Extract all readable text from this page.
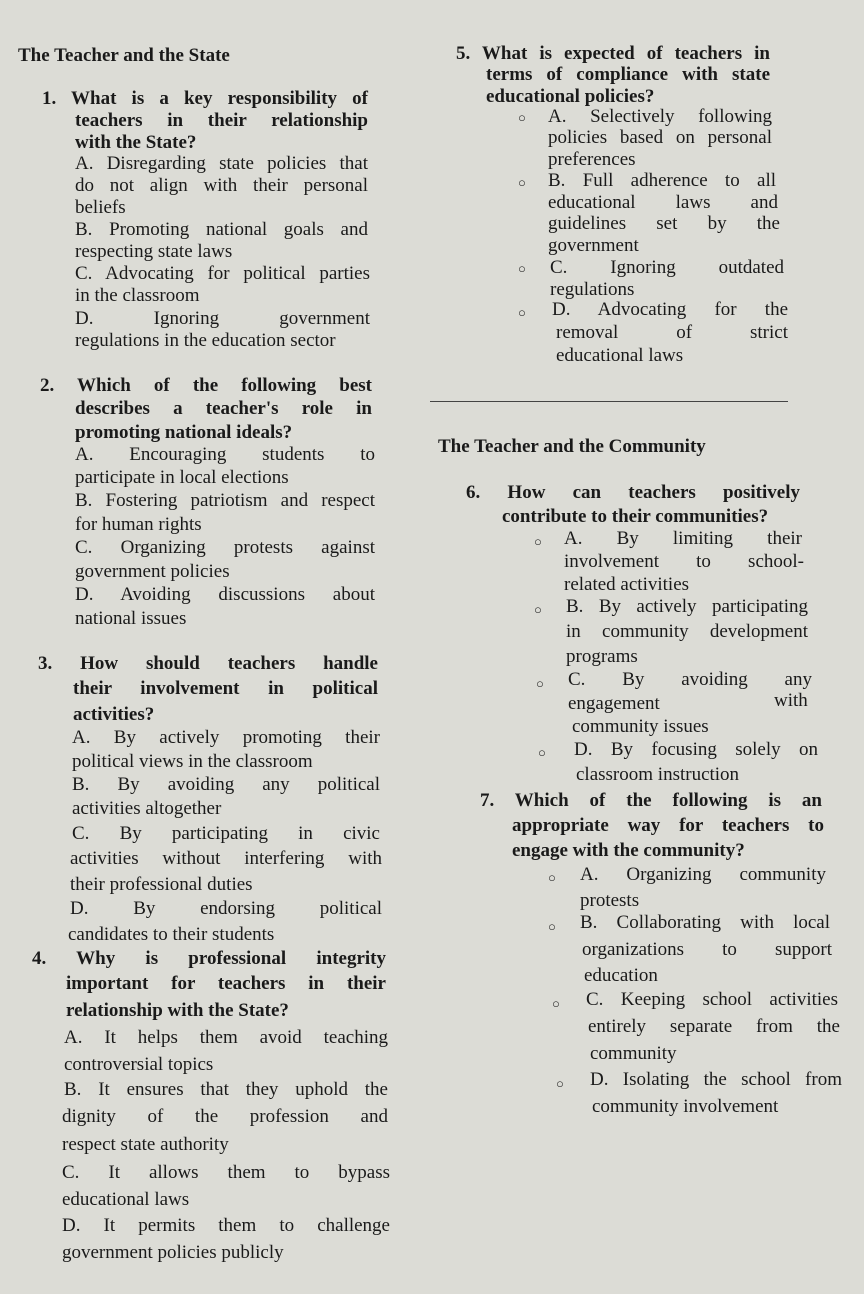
The Teacher and the State
1. What is a key responsibility of
teachers in their relationship
with the State?
A. Disregarding state policies that
do not align with their personal
beliefs
B. Promoting national goals and
respecting state laws
C. Advocating for political parties
in the classroom
D. Ignoring government
regulations in the education sector
2. Which of the following best
describes a teacher's role in
promoting national ideals?
A. Encouraging students to
participate in local elections
B. Fostering patriotism and respect
for human rights
C. Organizing protests against
government policies
D. Avoiding discussions about
national issues
3. How should teachers handle
their involvement in political
activities?
A. By actively promoting their
political views in the classroom
B. By avoiding any political
activities altogether
C. By participating in civic
activities without interfering with
their professional duties
D. By endorsing political
candidates to their students
4. Why is professional integrity
important for teachers in their
relationship with the State?
A. It helps them avoid teaching
controversial topics
B. It ensures that they uphold the
dignity of the profession and
respect state authority
C. It allows them to bypass
educational laws
D. It permits them to challenge
government policies publicly
5. What is expected of teachers in
terms of compliance with state
educational policies?
○ A. Selectively following
policies based on personal
preferences
○ B. Full adherence to all
educational laws and
guidelines set by the
government
○ C. Ignoring outdated
regulations
○ D. Advocating for the
removal of strict
educational laws
The Teacher and the Community
6. How can teachers positively
contribute to their communities?
○ A. By limiting their
involvement to school-
related activities
○ B. By actively participating
in community development
programs
○ C. By avoiding any
engagement	with
community issues
○ D. By focusing solely on
classroom instruction
7. Which of the following is an
appropriate way for teachers to
engage with the community?
○ A. Organizing community
protests
○ B. Collaborating with local
organizations to support
education
○ C. Keeping school activities
entirely separate from the
community
○ D. Isolating the school from
community involvement
